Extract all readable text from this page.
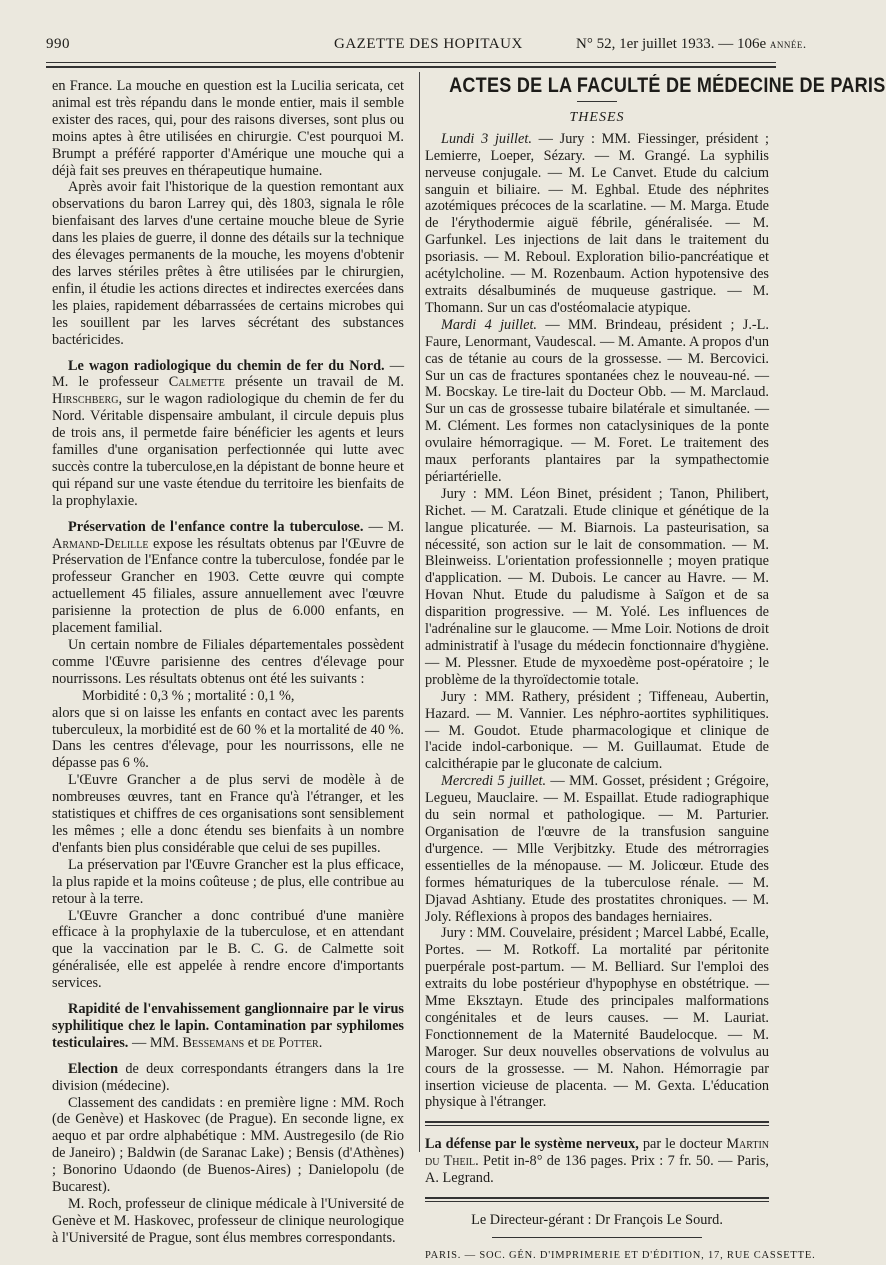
990	GAZETTE DES HOPITAUX	N° 52, 1er juillet 1933. — 106e année.

en France. La mouche en question est la Lucilia sericata, cet animal est très répandu dans le monde entier, mais il semble exister des races, qui, pour des raisons diverses, sont plus ou moins aptes à être utilisées en chirurgie. C'est pourquoi M. Brumpt a préféré rapporter d'Amérique une mouche qui a déjà fait ses preuves en thérapeutique humaine.

Après avoir fait l'historique de la question remontant aux observations du baron Larrey qui, dès 1803, signala le rôle bienfaisant des larves d'une certaine mouche bleue de Syrie dans les plaies de guerre, il donne des détails sur la technique des élevages permanents de la mouche, les moyens d'obtenir des larves stériles prêtes à être utilisées par le chirurgien, enfin, il étudie les actions directes et indirectes exercées dans les plaies, rapidement débarrassées de certains microbes qui les souillent par les larves sécrétant des substances bactéricides.

Le wagon radiologique du chemin de fer du Nord. — M. le professeur Calmette présente un travail de M. Hirschberg, sur le wagon radiologique du chemin de fer du Nord. Véritable dispensaire ambulant, il circule depuis plus de trois ans, il permetde faire bénéficier les agents et leurs familles d'une organisation perfectionnée qui lutte avec succès contre la tuberculose,en la dépistant de bonne heure et qui répand sur une vaste étendue du territoire les bienfaits de la prophylaxie.

Préservation de l'enfance contre la tuberculose. — M. Armand-Delille expose les résultats obtenus par l'Œuvre de Préservation de l'Enfance contre la tuberculose, fondée par le professeur Grancher en 1903. Cette œuvre qui compte actuellement 45 filiales, assure annuellement avec l'œuvre parisienne la protection de plus de 6.000 enfants, en placement familial.

Un certain nombre de Filiales départementales possèdent comme l'Œuvre parisienne des centres d'élevage pour nourrissons. Les résultats obtenus ont été les suivants :

Morbidité : 0,3 % ; mortalité : 0,1 %,

alors que si on laisse les enfants en contact avec les parents tuberculeux, la morbidité est de 60 % et la mortalité de 40 %. Dans les centres d'élevage, pour les nourrissons, elle ne dépasse pas 6 %.

L'Œuvre Grancher a de plus servi de modèle à de nombreuses œuvres, tant en France qu'à l'étranger, et les statistiques et chiffres de ces organisations sont sensiblement les mêmes ; elle a donc étendu ses bienfaits à un nombre d'enfants bien plus considérable que celui de ses pupilles.

La préservation par l'Œuvre Grancher est la plus efficace, la plus rapide et la moins coûteuse ; de plus, elle contribue au retour à la terre.

L'Œuvre Grancher a donc contribué d'une manière efficace à la prophylaxie de la tuberculose, et en attendant que la vaccination par le B. C. G. de Calmette soit généralisée, elle est appelée à rendre encore d'importants services.

Rapidité de l'envahissement ganglionnaire par le virus syphilitique chez le lapin. Contamination par syphilomes testiculaires. — MM. Bessemans et de Potter.

Election de deux correspondants étrangers dans la 1re division (médecine).

Classement des candidats : en première ligne : MM. Roch (de Genève) et Haskovec (de Prague). En seconde ligne, ex aequo et par ordre alphabétique : MM. Austregesilo (de Rio de Janeiro) ; Baldwin (de Saranac Lake) ; Bensis (d'Athènes) ; Bonorino Udaondo (de Buenos-Aires) ; Danielopolu (de Bucarest).

M. Roch, professeur de clinique médicale à l'Université de Genève et M. Haskovec, professeur de clinique neurologique à l'Université de Prague, sont élus membres correspondants.

ACTES DE LA FACULTÉ DE MÉDECINE DE PARIS
THESES

Lundi 3 juillet. — Jury : MM. Fiessinger, président ; Lemierre, Loeper, Sézary. — M. Grangé. La syphilis nerveuse conjugale. — M. Le Canvet. Etude du calcium sanguin et biliaire. — M. Eghbal. Etude des néphrites azotémiques précoces de la scarlatine. — M. Marga. Etude de l'érythodermie aiguë fébrile, généralisée. — M. Garfunkel. Les injections de lait dans le traitement du psoriasis. — M. Reboul. Exploration bilio-pancréatique et acétylcholine. — M. Rozenbaum. Action hypotensive des extraits désalbuminés de muqueuse gastrique. — M. Thomann. Sur un cas d'ostéomalacie atypique.

Mardi 4 juillet. — MM. Brindeau, président ; J.-L. Faure, Lenormant, Vaudescal. — M. Amante. A propos d'un cas de tétanie au cours de la grossesse. — M. Bercovici. Sur un cas de fractures spontanées chez le nouveau-né. — M. Bocskay. Le tire-lait du Docteur Obb. — M. Marclaud. Sur un cas de grossesse tubaire bilatérale et simultanée. — M. Clément. Les formes non cataclysiniques de la ponte ovulaire hémorragique. — M. Foret. Le traitement des maux perforants plantaires par la sympathectomie périartérielle.

Jury : MM. Léon Binet, président ; Tanon, Philibert, Richet. — M. Caratzali. Etude clinique et génétique de la langue plicaturée. — M. Biarnois. La pasteurisation, sa nécessité, son action sur le lait de consommation. — M. Bleinweiss. L'orientation professionnelle ; moyen pratique d'application. — M. Dubois. Le cancer au Havre. — M. Hovan Nhut. Etude du paludisme à Saïgon et de sa disparition progressive. — M. Yolé. Les influences de l'adrénaline sur le glaucome. — Mme Loir. Notions de droit administratif à l'usage du médecin fonctionnaire d'hygiène. — M. Plessner. Etude de myxoedème post-opératoire ; le problème de la thyroïdectomie totale.

Jury : MM. Rathery, président ; Tiffeneau, Aubertin, Hazard. — M. Vannier. Les néphro-aortites syphilitiques. — M. Goudot. Etude pharmacologique et clinique de l'acide indol-carbonique. — M. Guillaumat. Etude de calcithérapie par le gluconate de calcium.

Mercredi 5 juillet. — MM. Gosset, président ; Grégoire, Legueu, Mauclaire. — M. Espaillat. Etude radiographique du sein normal et pathologique. — M. Parturier. Organisation de l'œuvre de la transfusion sanguine d'urgence. — Mlle Verjbitzky. Etude des métrorragies essentielles de la ménopause. — M. Jolicœur. Etude des formes hématuriques de la tuberculose rénale. — M. Djavad Ashtiany. Etude des prostatites chroniques. — M. Joly. Réflexions à propos des bandages herniaires.

Jury : MM. Couvelaire, président ; Marcel Labbé, Ecalle, Portes. — M. Rotkoff. La mortalité par péritonite puerpérale post-partum. — M. Belliard. Sur l'emploi des extraits du lobe postérieur d'hypophyse en obstétrique. — Mme Eksztayn. Etude des principales malformations congénitales et de leurs causes. — M. Lauriat. Fonctionnement de la Maternité Baudelocque. — M. Maroger. Sur deux nouvelles observations de volvulus au cours de la grossesse. — M. Nahon. Hémorragie par insertion vicieuse de placenta. — M. Gexta. L'éducation physique à l'étranger.

La défense par le système nerveux, par le docteur Martin du Theil. Petit in-8° de 136 pages. Prix : 7 fr. 50. — Paris, A. Legrand.

Le Directeur-gérant : Dr François Le Sourd.
PARIS. — SOC. GÉN. D'IMPRIMERIE ET D'ÉDITION, 17, RUE CASSETTE.
